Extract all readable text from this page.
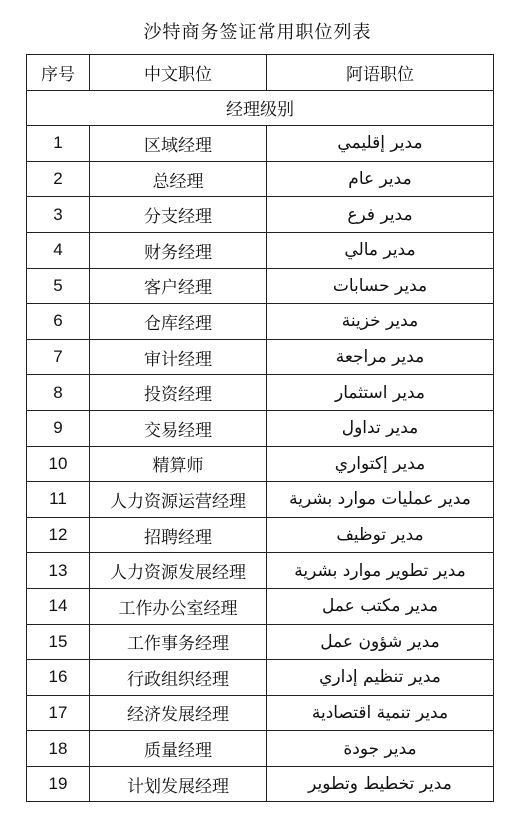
沙特商务签证常用职位列表
序号	中文职位	阿语职位
经理级别		
1	区域经理	مدير إقليمي
2	总经理	مدير عام
3	分支经理	مدير فرع
4	财务经理	مدير مالي
5	客户经理	مدير حسابات
6	仓库经理	مدير خزينة
7	审计经理	مدير مراجعة
8	投资经理	مدير استثمار
9	交易经理	مدير تداول
10	精算师	مدير إكتواري
11	人力资源运营经理	مدير عمليات موارد بشرية
12	招聘经理	مدير توظيف
13	人力资源发展经理	مدير تطوير موارد بشرية
14	工作办公室经理	مدير مكتب عمل
15	工作事务经理	مدير شؤون عمل
16	行政组织经理	مدير تنظيم إداري
17	经济发展经理	مدير تنمية اقتصادية
18	质量经理	مدير جودة
19	计划发展经理	مدير تخطيط وتطوير
